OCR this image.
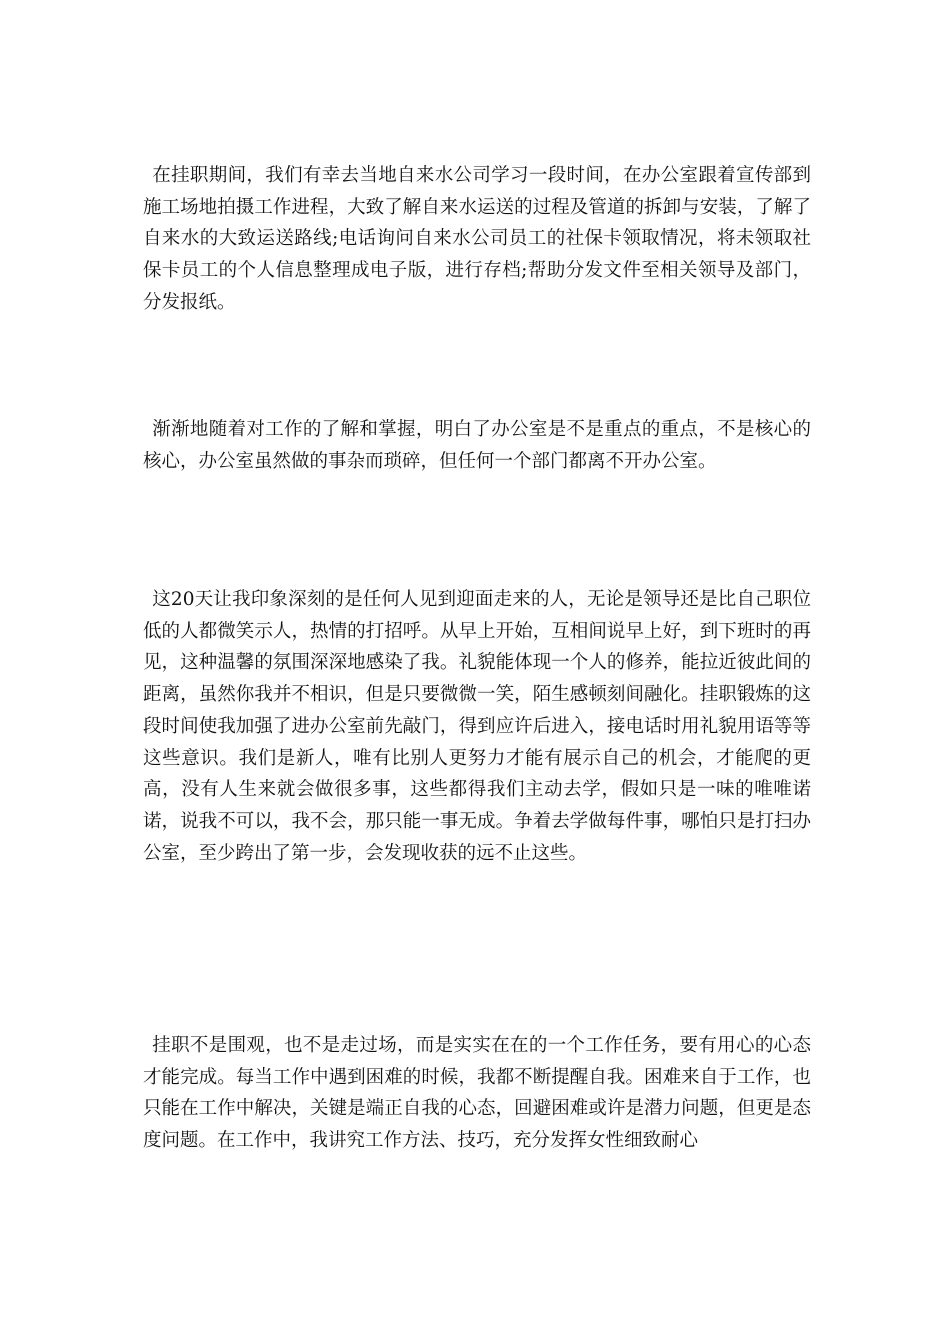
在挂职期间，我们有幸去当地自来水公司学习一段时间，在办公室跟着宣传部到施工场地拍摄工作进程，大致了解自来水运送的过程及管道的拆卸与安装，了解了自来水的大致运送路线;电话询问自来水公司员工的社保卡领取情况，将未领取社保卡员工的个人信息整理成电子版，进行存档;帮助分发文件至相关领导及部门，分发报纸。

渐渐地随着对工作的了解和掌握，明白了办公室是不是重点的重点，不是核心的核心，办公室虽然做的事杂而琐碎，但任何一个部门都离不开办公室。

这20天让我印象深刻的是任何人见到迎面走来的人，无论是领导还是比自己职位低的人都微笑示人，热情的打招呼。从早上开始，互相间说早上好，到下班时的再见，这种温馨的氛围深深地感染了我。礼貌能体现一个人的修养，能拉近彼此间的距离，虽然你我并不相识，但是只要微微一笑，陌生感顿刻间融化。挂职锻炼的这段时间使我加强了进办公室前先敲门，得到应许后进入，接电话时用礼貌用语等等这些意识。我们是新人，唯有比别人更努力才能有展示自己的机会，才能爬的更高，没有人生来就会做很多事，这些都得我们主动去学，假如只是一味的唯唯诺诺，说我不可以，我不会，那只能一事无成。争着去学做每件事，哪怕只是打扫办公室，至少跨出了第一步，会发现收获的远不止这些。

挂职不是围观，也不是走过场，而是实实在在的一个工作任务，要有用心的心态才能完成。每当工作中遇到困难的时候，我都不断提醒自我。困难来自于工作，也只能在工作中解决，关键是端正自我的心态，回避困难或许是潜力问题，但更是态度问题。在工作中，我讲究工作方法、技巧，充分发挥女性细致耐心
